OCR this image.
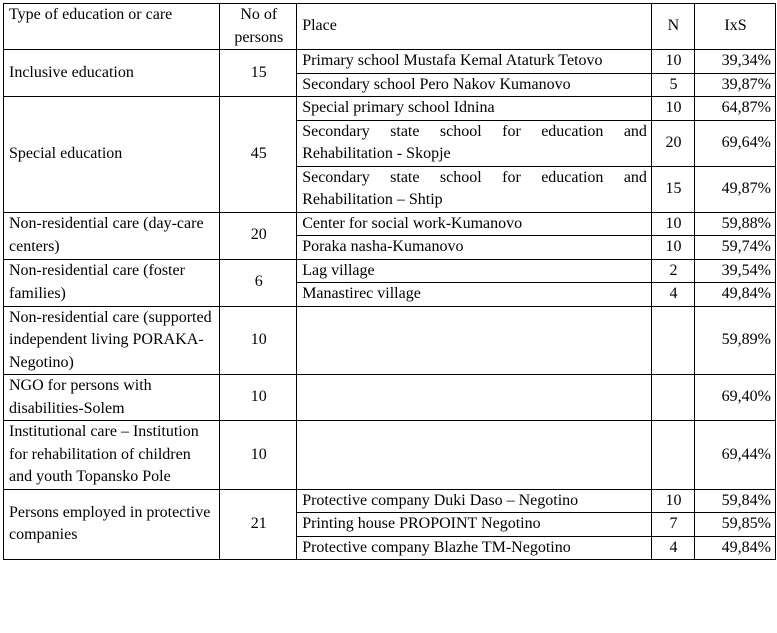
Type of education or care	No of persons	Place	N	IxS
Inclusive education	15	Primary school Mustafa Kemal Ataturk Tetovo	10	39,34%
		Secondary school Pero Nakov Kumanovo	5	39,87%
Special education	45	Special primary school Idnina	10	64,87%
		Secondary state school for education and Rehabilitation - Skopje	20	69,64%
		Secondary state school for education and Rehabilitation – Shtip	15	49,87%
Non-residential care (day-care centers)	20	Center for social work-Kumanovo	10	59,88%
		Poraka nasha-Kumanovo	10	59,74%
Non-residential care (foster families)	6	Lag village	2	39,54%
		Manastirec village	4	49,84%
Non-residential care (supported independent living PORAKA-Negotino)	10			59,89%
NGO for persons with disabilities-Solem	10			69,40%
Institutional care – Institution for rehabilitation of children and youth Topansko Pole	10			69,44%
Persons employed in protective companies	21	Protective company Duki Daso – Negotino	10	59,84%
		Printing house PROPOINT Negotino	7	59,85%
		Protective company Blazhe TM-Negotino	4	49,84%
